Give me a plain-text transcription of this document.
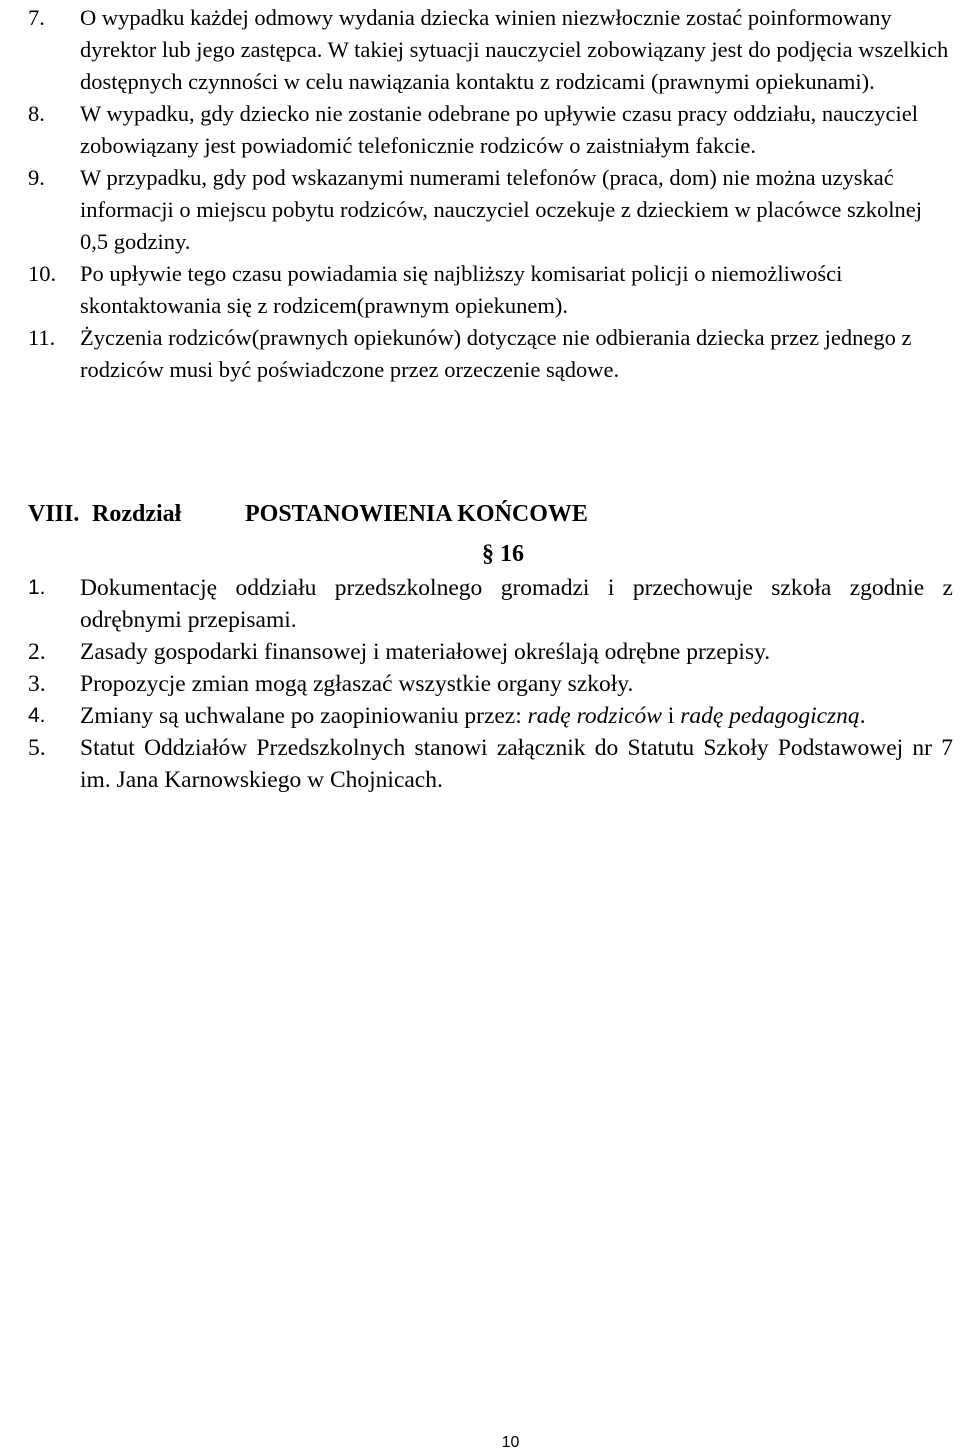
7.	O wypadku każdej odmowy wydania dziecka winien niezwłocznie zostać poinformowany dyrektor lub jego zastępca. W takiej sytuacji nauczyciel zobowiązany jest do podjęcia wszelkich dostępnych czynności w celu nawiązania kontaktu z rodzicami (prawnymi opiekunami).
8.	W wypadku, gdy dziecko nie zostanie odebrane po upływie czasu pracy oddziału, nauczyciel zobowiązany jest powiadomić telefonicznie rodziców o zaistniałym fakcie.
9.	W przypadku, gdy pod wskazanymi numerami telefonów (praca, dom) nie można uzyskać informacji o miejscu pobytu rodziców, nauczyciel oczekuje z dzieckiem w placówce szkolnej 0,5 godziny.
10.	Po upływie tego czasu powiadamia się najbliższy komisariat policji o niemożliwości skontaktowania się z rodzicem(prawnym opiekunem).
11.	Życzenia rodziców(prawnych opiekunów) dotyczące nie odbierania dziecka przez jednego z rodziców musi być poświadczone przez orzeczenie sądowe.
VIII. Rozdział	POSTANOWIENIA KOŃCOWE
§ 16
1.	Dokumentację oddziału przedszkolnego gromadzi i przechowuje szkoła zgodnie z odrębnymi przepisami.
2.	Zasady gospodarki finansowej i materiałowej określają odrębne przepisy.
3.	Propozycje zmian mogą zgłaszać wszystkie organy szkoły.
4.	Zmiany są uchwalane po zaopiniowaniu przez: radę rodziców i radę pedagogiczną.
5.	Statut Oddziałów Przedszkolnych stanowi załącznik do Statutu Szkoły Podstawowej nr 7 im. Jana Karnowskiego w Chojnicach.
10
